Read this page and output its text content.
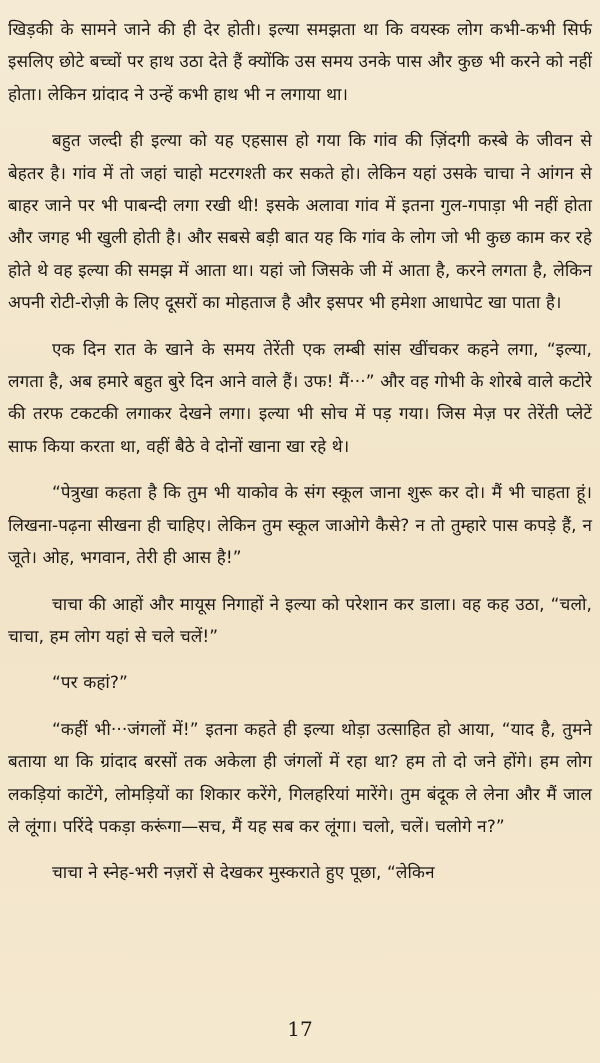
खिड़की के सामने जाने की ही देर होती। इल्या समझता था कि वयस्क लोग कभी-कभी सिर्फ इसलिए छोटे बच्चों पर हाथ उठा देते हैं क्योंकि उस समय उनके पास और कुछ भी करने को नहीं होता। लेकिन ग्रांदाद ने उन्हें कभी हाथ भी न लगाया था।

बहुत जल्दी ही इल्या को यह एहसास हो गया कि गांव की ज़िंदगी कस्बे के जीवन से बेहतर है। गांव में तो जहां चाहो मटरगश्ती कर सकते हो। लेकिन यहां उसके चाचा ने आंगन से बाहर जाने पर भी पाबन्दी लगा रखी थी! इसके अलावा गांव में इतना गुल-गपाड़ा भी नहीं होता और जगह भी खुली होती है। और सबसे बड़ी बात यह कि गांव के लोग जो भी कुछ काम कर रहे होते थे वह इल्या की समझ में आता था। यहां जो जिसके जी में आता है, करने लगता है, लेकिन अपनी रोटी-रोज़ी के लिए दूसरों का मोहताज है और इसपर भी हमेशा आधापेट खा पाता है।

एक दिन रात के खाने के समय तेरेंती एक लम्बी सांस खींचकर कहने लगा, “इल्या, लगता है, अब हमारे बहुत बुरे दिन आने वाले हैं। उफ! मैं···” और वह गोभी के शोरबे वाले कटोरे की तरफ टकटकी लगाकर देखने लगा। इल्या भी सोच में पड़ गया। जिस मेज़ पर तेरेंती प्लेटें साफ किया करता था, वहीं बैठे वे दोनों खाना खा रहे थे।

“पेत्रुखा कहता है कि तुम भी याकोव के संग स्कूल जाना शुरू कर दो। मैं भी चाहता हूं। लिखना-पढ़ना सीखना ही चाहिए। लेकिन तुम स्कूल जाओगे कैसे? न तो तुम्हारे पास कपड़े हैं, न जूते। ओह, भगवान, तेरी ही आस है!”

चाचा की आहों और मायूस निगाहों ने इल्या को परेशान कर डाला। वह कह उठा, “चलो, चाचा, हम लोग यहां से चले चलें!”

“पर कहां?”

“कहीं भी···जंगलों में!” इतना कहते ही इल्या थोड़ा उत्साहित हो आया, “याद है, तुमने बताया था कि ग्रांदाद बरसों तक अकेला ही जंगलों में रहा था? हम तो दो जने होंगे। हम लोग लकड़ियां काटेंगे, लोमड़ियों का शिकार करेंगे, गिलहरियां मारेंगे। तुम बंदूक ले लेना और मैं जाल ले लूंगा। परिंदे पकड़ा करूंगा—सच, मैं यह सब कर लूंगा। चलो, चलें। चलोगे न?”

चाचा ने स्नेह-भरी नज़रों से देखकर मुस्कराते हुए पूछा, “लेकिन

17
